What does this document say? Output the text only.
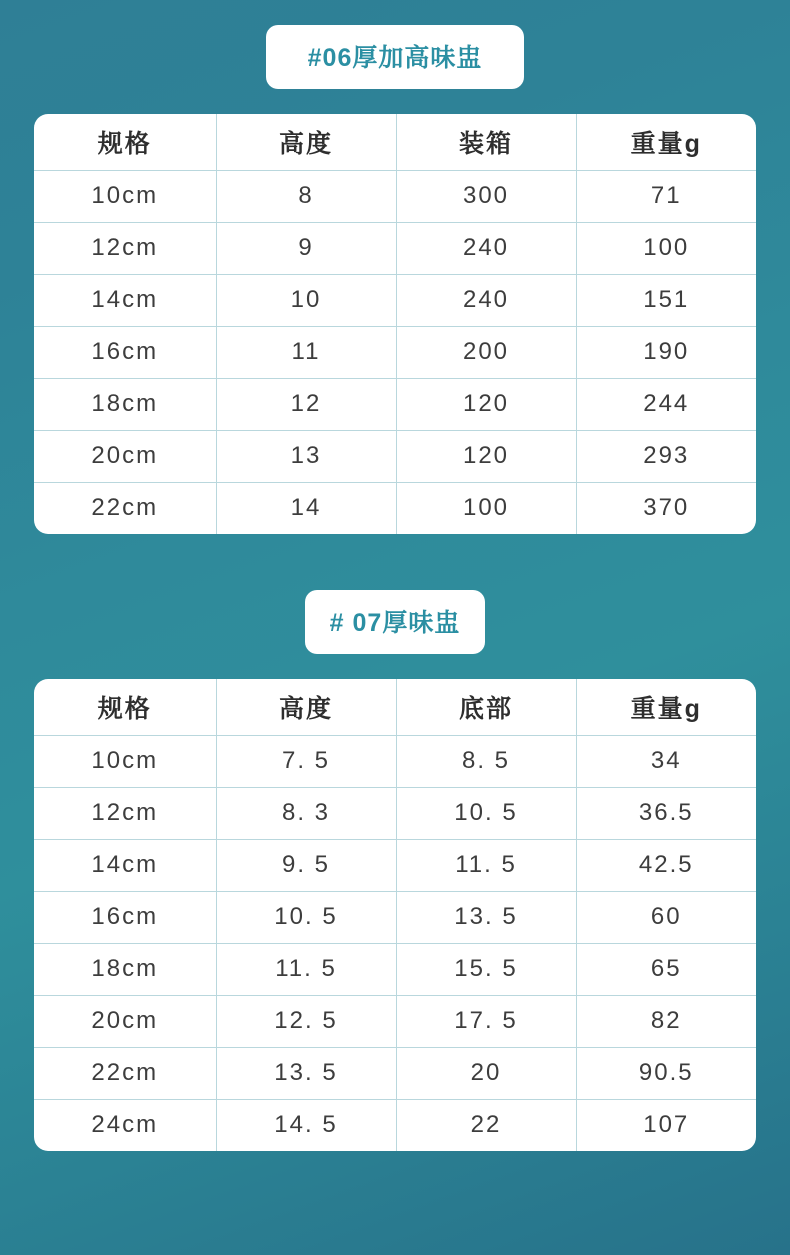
#06厚加高味盅
规格	高度	装箱	重量g
10cm	8	300	71
12cm	9	240	100
14cm	10	240	151
16cm	11	200	190
18cm	12	120	244
20cm	13	120	293
22cm	14	100	370
# 07厚味盅
规格	高度	底部	重量g
10cm	7. 5	8. 5	34
12cm	8. 3	10. 5	36.5
14cm	9. 5	11. 5	42.5
16cm	10. 5	13. 5	60
18cm	11. 5	15. 5	65
20cm	12. 5	17. 5	82
22cm	13. 5	20	90.5
24cm	14. 5	22	107
